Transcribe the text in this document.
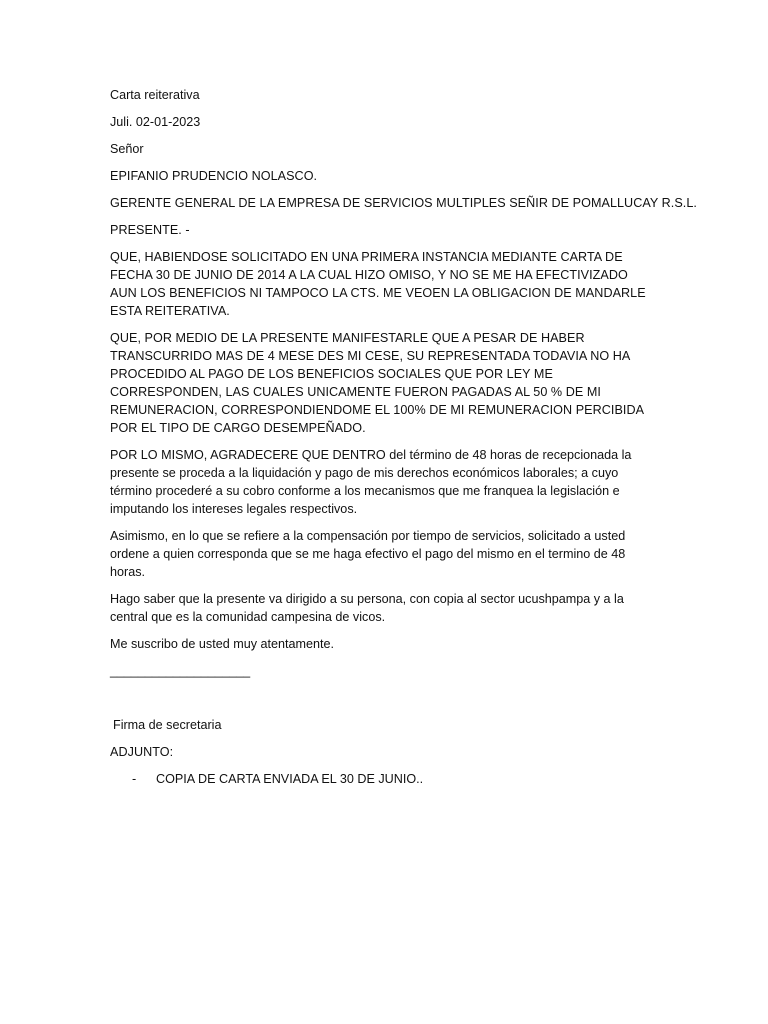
Carta reiterativa
Juli. 02-01-2023
Señor
EPIFANIO PRUDENCIO NOLASCO.
GERENTE GENERAL DE LA EMPRESA DE SERVICIOS MULTIPLES SEÑIR DE POMALLUCAY R.S.L.
PRESENTE. -

QUE, HABIENDOSE SOLICITADO EN UNA PRIMERA INSTANCIA MEDIANTE CARTA DE FECHA 30 DE JUNIO DE 2014 A LA CUAL HIZO OMISO, Y NO SE ME HA EFECTIVIZADO AUN LOS BENEFICIOS NI TAMPOCO LA CTS. ME VEOEN LA OBLIGACION DE MANDARLE ESTA REITERATIVA.

QUE, POR MEDIO DE LA PRESENTE MANIFESTARLE QUE A PESAR DE HABER TRANSCURRIDO MAS DE 4 MESE DES MI CESE, SU REPRESENTADA TODAVIA NO HA PROCEDIDO AL PAGO DE LOS BENEFICIOS SOCIALES QUE POR LEY ME CORRESPONDEN, LAS CUALES UNICAMENTE FUERON PAGADAS AL 50 % DE MI REMUNERACION, CORRESPONDIENDOME EL 100% DE MI REMUNERACION PERCIBIDA POR EL TIPO DE CARGO DESEMPEÑADO.

POR LO MISMO, AGRADECERE QUE DENTRO del término de 48 horas de recepcionada la presente se proceda a la liquidación y pago de mis derechos económicos laborales; a cuyo término procederé a su cobro conforme a los mecanismos que me franquea la legislación e imputando los intereses legales respectivos.

Asimismo, en lo que se refiere a la compensación por tiempo de servicios, solicitado a usted ordene a quien corresponda que se me haga efectivo el pago del mismo en el termino de 48 horas.

Hago saber que la presente va dirigido a su persona, con copia al sector ucushpampa y a la central que es la comunidad campesina de vicos.

Me suscribo de usted muy atentamente.

____________________
Firma de secretaria
ADJUNTO:
-	COPIA DE CARTA ENVIADA EL 30 DE JUNIO..
